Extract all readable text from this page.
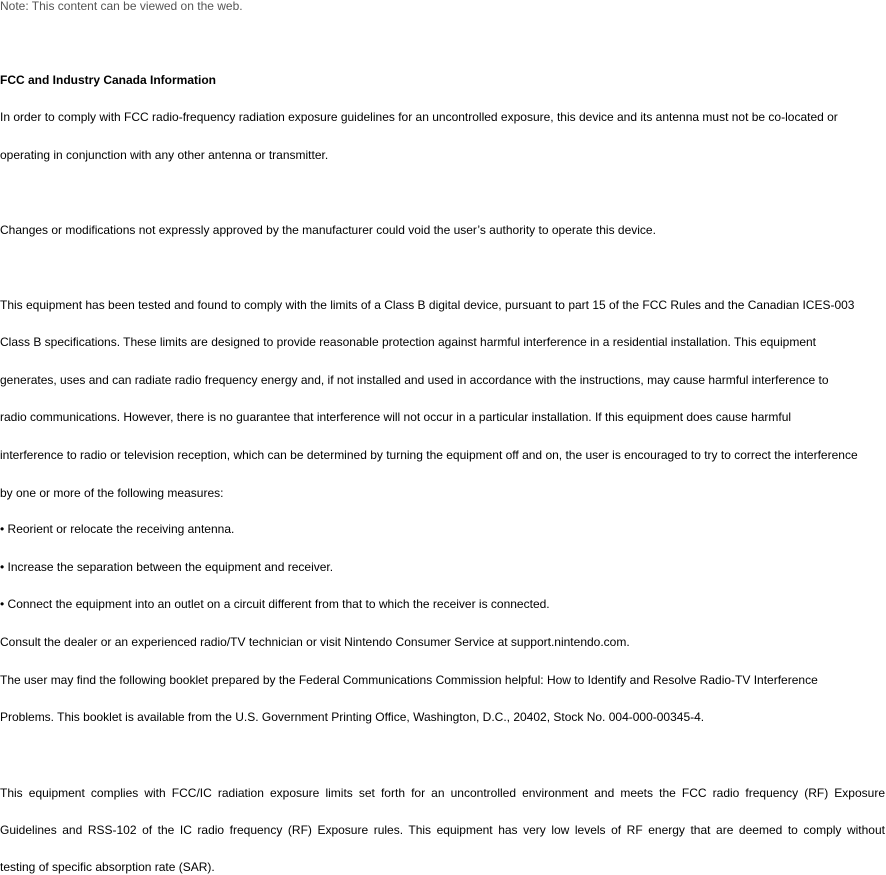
Note: This content can be viewed on the web.
FCC and Industry Canada Information
In order to comply with FCC radio-frequency radiation exposure guidelines for an uncontrolled exposure, this device and its antenna must not be co-located or
operating in conjunction with any other antenna or transmitter.
Changes or modifications not expressly approved by the manufacturer could void the user’s authority to operate this device.
This equipment has been tested and found to comply with the limits of a Class B digital device, pursuant to part 15 of the FCC Rules and the Canadian ICES-003
Class B specifications. These limits are designed to provide reasonable protection against harmful interference in a residential installation. This equipment
generates, uses and can radiate radio frequency energy and, if not installed and used in accordance with the instructions, may cause harmful interference to
radio communications. However, there is no guarantee that interference will not occur in a particular installation. If this equipment does cause harmful
interference to radio or television reception, which can be determined by turning the equipment off and on, the user is encouraged to try to correct the interference
by one or more of the following measures:
• Reorient or relocate the receiving antenna.
• Increase the separation between the equipment and receiver.
• Connect the equipment into an outlet on a circuit different from that to which the receiver is connected.
Consult the dealer or an experienced radio/TV technician or visit Nintendo Consumer Service at support.nintendo.com.
The user may find the following booklet prepared by the Federal Communications Commission helpful: How to Identify and Resolve Radio-TV Interference
Problems. This booklet is available from the U.S. Government Printing Office, Washington, D.C., 20402, Stock No. 004-000-00345-4.
This equipment complies with FCC/IC radiation exposure limits set forth for an uncontrolled environment and meets the FCC radio frequency (RF) Exposure
Guidelines and RSS-102 of the IC radio frequency (RF) Exposure rules. This equipment has very low levels of RF energy that are deemed to comply without
testing of specific absorption rate (SAR).
